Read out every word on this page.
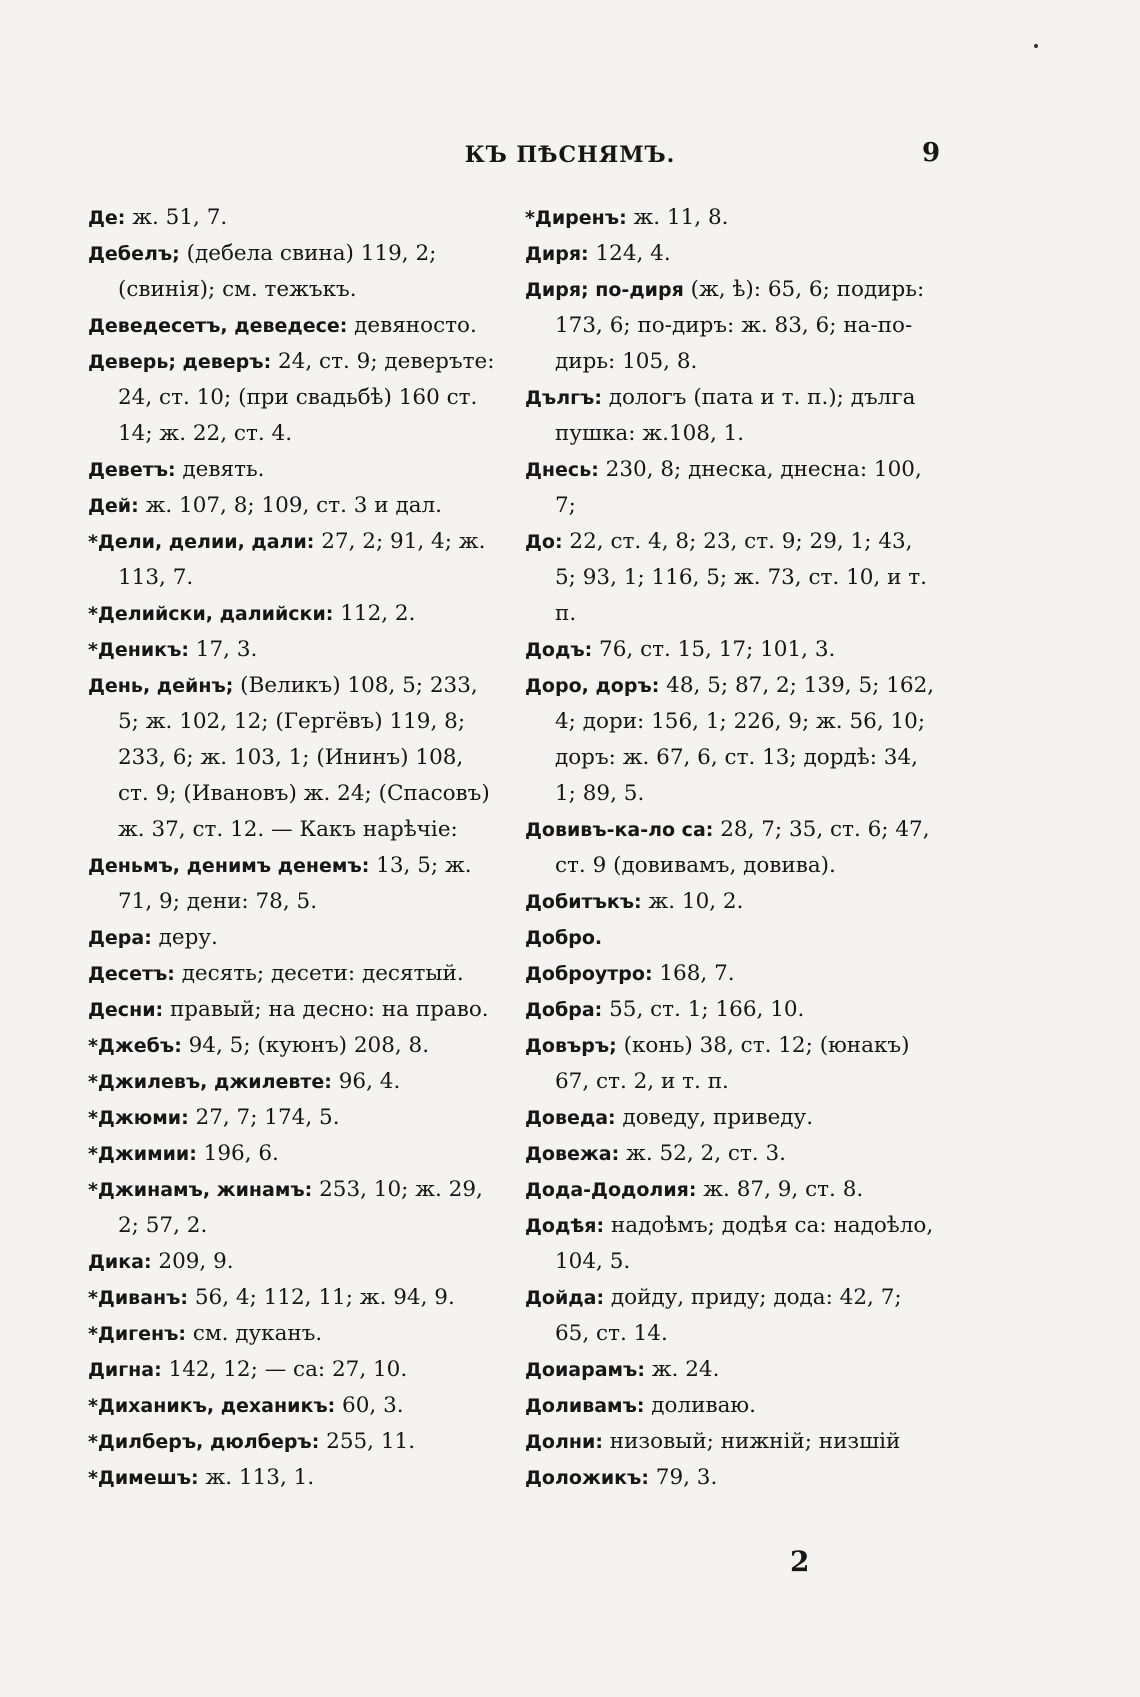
КЪ ПѢСНЯМЪ.	9
Де: ж. 51, 7.
Дебелъ; (дебела свина) 119, 2; (свинія); см. тежъкъ.
Деведесетъ, деведесе: девяносто.
Деверь; деверъ: 24, ст. 9; деверъте: 24, ст. 10; (при свадьбѣ) 160 ст. 14; ж. 22, ст. 4.
Деветъ: девять.
Дей: ж. 107, 8; 109, ст. 3 и дал.
*Дели, делии, дали: 27, 2; 91, 4; ж. 113, 7.
*Делийски, далийски: 112, 2.
*Деникъ: 17, 3.
День, дейнъ; (Великъ) 108, 5; 233, 5; ж. 102, 12; (Гергёвъ) 119, 8; 233, 6; ж. 103, 1; (Ининъ) 108, ст. 9; (Ивановъ) ж. 24; (Спасовъ) ж. 37, ст. 12. — Какъ нарѣчіе:
Деньмъ, денимъ денемъ: 13, 5; ж. 71, 9; дени: 78, 5.
Дера: деру.
Десетъ: десять; десети: десятый.
Десни: правый; на десно: на право.
*Джебъ: 94, 5; (куюнъ) 208, 8.
*Джилевъ, джилевте: 96, 4.
*Джюми: 27, 7; 174, 5.
*Джимии: 196, 6.
*Джинамъ, жинамъ: 253, 10; ж. 29, 2; 57, 2.
Дика: 209, 9.
*Диванъ: 56, 4; 112, 11; ж. 94, 9.
*Дигенъ: см. дуканъ.
Дигна: 142, 12; — са: 27, 10.
*Диханикъ, деханикъ: 60, 3.
*Дилберъ, дюлберъ: 255, 11.
*Димешъ: ж. 113, 1.
*Диренъ: ж. 11, 8.
Диря: 124, 4.
Диря; по-диря (ж, ѣ): 65, 6; подирь: 173, 6; по-диръ: ж. 83, 6; на-по-дирь: 105, 8.
Дългъ: дологъ (пата и т. п.); дълга пушка: ж.108, 1.
Днесь: 230, 8; днеска, днесна: 100, 7;
До: 22, ст. 4, 8; 23, ст. 9; 29, 1; 43, 5; 93, 1; 116, 5; ж. 73, ст. 10, и т. п.
Додъ: 76, ст. 15, 17; 101, 3.
Доро, доръ: 48, 5; 87, 2; 139, 5; 162, 4; дори: 156, 1; 226, 9; ж. 56, 10; доръ: ж. 67, 6, ст. 13; дордѣ: 34, 1; 89, 5.
Довивъ-ка-ло са: 28, 7; 35, ст. 6; 47, ст. 9 (довивамъ, довива).
Добитъкъ: ж. 10, 2.
Добро.
Доброутро: 168, 7.
Добра: 55, ст. 1; 166, 10.
Довъръ; (конь) 38, ст. 12; (юнакъ) 67, ст. 2, и т. п.
Доведа: доведу, приведу.
Довежа: ж. 52, 2, ст. 3.
Дода-Додолия: ж. 87, 9, ст. 8.
Додѣя: надоѣмъ; додѣя са: надоѣло, 104, 5.
Дойда: дойду, приду; дода: 42, 7; 65, ст. 14.
Доиарамъ: ж. 24.
Доливамъ: доливаю.
Долни: низовый; нижній; низшій
Доложикъ: 79, 3.
2
